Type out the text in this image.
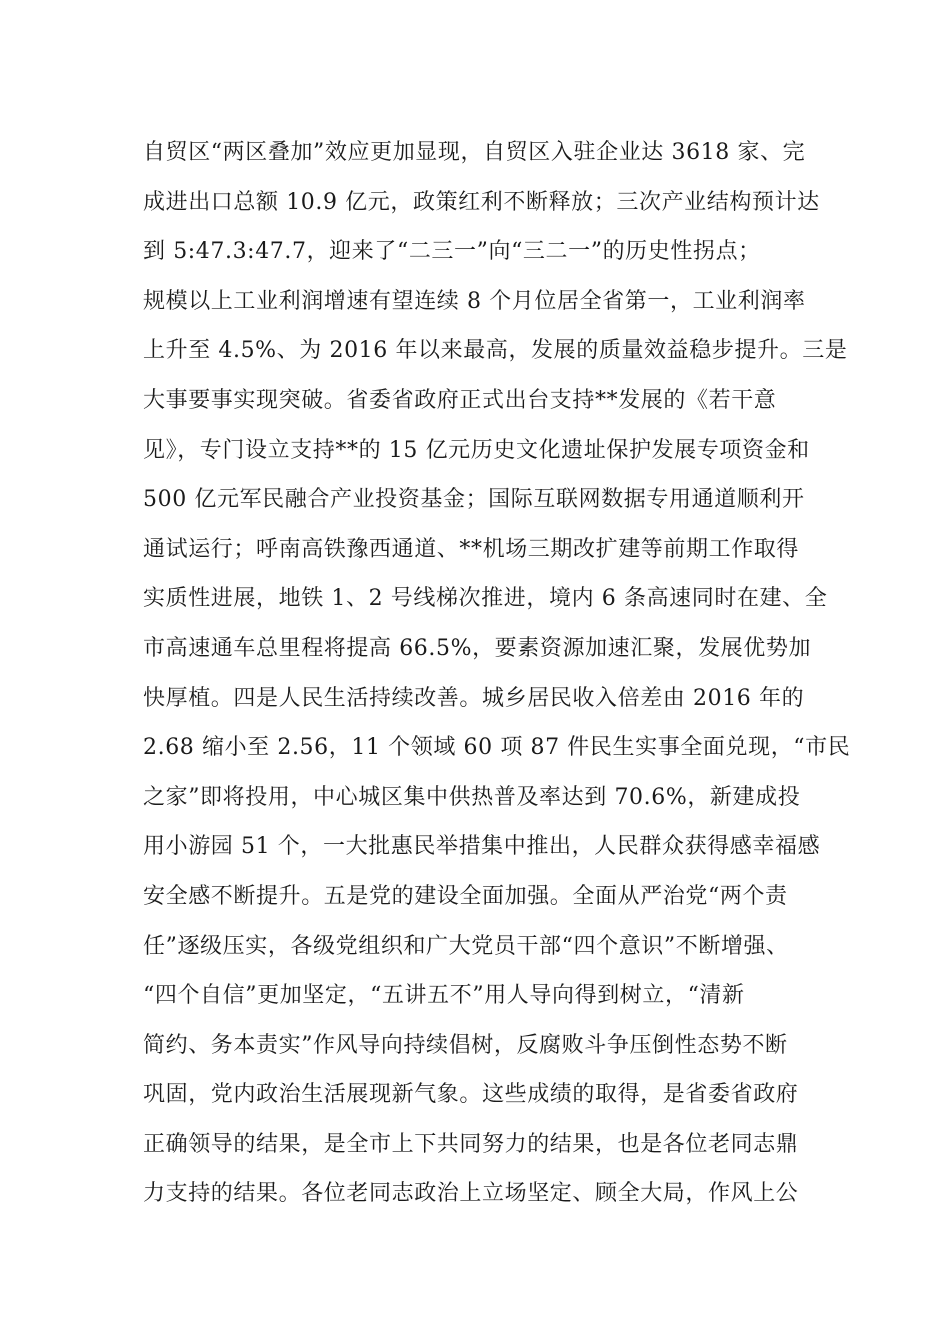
自贸区“两区叠加”效应更加显现，自贸区入驻企业达 3618 家、完
成进出口总额 10.9 亿元，政策红利不断释放；三次产业结构预计达
到 5:47.3:47.7，迎来了“二三一”向“三二一”的历史性拐点；
规模以上工业利润增速有望连续 8 个月位居全省第一，工业利润率
上升至 4.5%、为 2016 年以来最高，发展的质量效益稳步提升。三是
大事要事实现突破。省委省政府正式出台支持**发展的《若干意
见》，专门设立支持**的 15 亿元历史文化遗址保护发展专项资金和
500 亿元军民融合产业投资基金；国际互联网数据专用通道顺利开
通试运行；呼南高铁豫西通道、**机场三期改扩建等前期工作取得
实质性进展，地铁 1、2 号线梯次推进，境内 6 条高速同时在建、全
市高速通车总里程将提高 66.5%，要素资源加速汇聚，发展优势加
快厚植。四是人民生活持续改善。城乡居民收入倍差由 2016 年的
2.68 缩小至 2.56，11 个领域 60 项 87 件民生实事全面兑现，“市民
之家”即将投用，中心城区集中供热普及率达到 70.6%，新建成投
用小游园 51 个，一大批惠民举措集中推出，人民群众获得感幸福感
安全感不断提升。五是党的建设全面加强。全面从严治党“两个责
任”逐级压实，各级党组织和广大党员干部“四个意识”不断增强、
“四个自信”更加坚定，“五讲五不”用人导向得到树立，“清新
简约、务本责实”作风导向持续倡树，反腐败斗争压倒性态势不断
巩固，党内政治生活展现新气象。这些成绩的取得，是省委省政府
正确领导的结果，是全市上下共同努力的结果，也是各位老同志鼎
力支持的结果。各位老同志政治上立场坚定、顾全大局，作风上公
